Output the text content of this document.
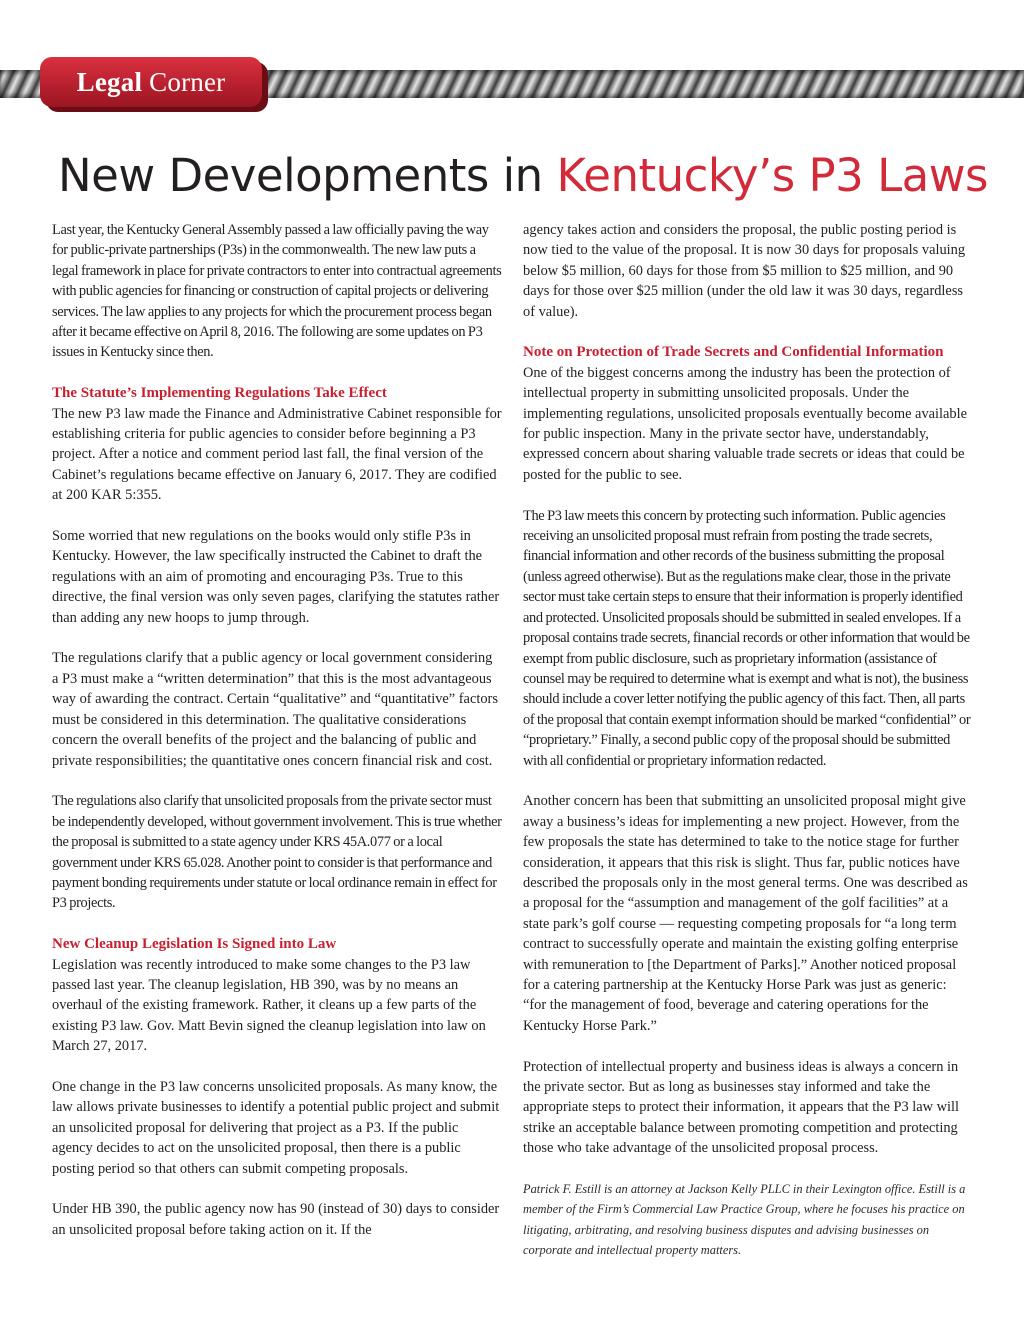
Legal Corner
New Developments in Kentucky’s P3 Laws

Last year, the Kentucky General Assembly passed a law officially paving the way for public-private partnerships (P3s) in the commonwealth. The new law puts a legal framework in place for private contractors to enter into contractual agreements with public agencies for financing or construction of capital projects or delivering services. The law applies to any projects for which the procurement process began after it became effective on April 8, 2016. The following are some updates on P3 issues in Kentucky since then.

The Statute’s Implementing Regulations Take Effect

The new P3 law made the Finance and Administrative Cabinet responsible for establishing criteria for public agencies to consider before beginning a P3 project. After a notice and comment period last fall, the final version of the Cabinet’s regulations became effective on January 6, 2017. They are codified at 200 KAR 5:355.

Some worried that new regulations on the books would only stifle P3s in Kentucky. However, the law specifically instructed the Cabinet to draft the regulations with an aim of promoting and encouraging P3s. True to this directive, the final version was only seven pages, clarifying the statutes rather than adding any new hoops to jump through.

The regulations clarify that a public agency or local government considering a P3 must make a “written determination” that this is the most advantageous way of awarding the contract. Certain “qualitative” and “quantitative” factors must be considered in this determination. The qualitative considerations concern the overall benefits of the project and the balancing of public and private responsibilities; the quantitative ones concern financial risk and cost.

The regulations also clarify that unsolicited proposals from the private sector must be independently developed, without government involvement. This is true whether the proposal is submitted to a state agency under KRS 45A.077 or a local government under KRS 65.028. Another point to consider is that performance and payment bonding requirements under statute or local ordinance remain in effect for P3 projects.

New Cleanup Legislation Is Signed into Law

Legislation was recently introduced to make some changes to the P3 law passed last year. The cleanup legislation, HB 390, was by no means an overhaul of the existing framework. Rather, it cleans up a few parts of the existing P3 law. Gov. Matt Bevin signed the cleanup legislation into law on March 27, 2017.

One change in the P3 law concerns unsolicited proposals. As many know, the law allows private businesses to identify a potential public project and submit an unsolicited proposal for delivering that project as a P3. If the public agency decides to act on the unsolicited proposal, then there is a public posting period so that others can submit competing proposals.

Under HB 390, the public agency now has 90 (instead of 30) days to consider an unsolicited proposal before taking action on it. If the

agency takes action and considers the proposal, the public posting period is now tied to the value of the proposal. It is now 30 days for proposals valuing below $5 million, 60 days for those from $5 million to $25 million, and 90 days for those over $25 million (under the old law it was 30 days, regardless of value).

Note on Protection of Trade Secrets and Confidential Information

One of the biggest concerns among the industry has been the protection of intellectual property in submitting unsolicited proposals. Under the implementing regulations, unsolicited proposals eventually become available for public inspection. Many in the private sector have, understandably, expressed concern about sharing valuable trade secrets or ideas that could be posted for the public to see.

The P3 law meets this concern by protecting such information. Public agencies receiving an unsolicited proposal must refrain from posting the trade secrets, financial information and other records of the business submitting the proposal (unless agreed otherwise). But as the regulations make clear, those in the private sector must take certain steps to ensure that their information is properly identified and protected. Unsolicited proposals should be submitted in sealed envelopes. If a proposal contains trade secrets, financial records or other information that would be exempt from public disclosure, such as proprietary information (assistance of counsel may be required to determine what is exempt and what is not), the business should include a cover letter notifying the public agency of this fact. Then, all parts of the proposal that contain exempt information should be marked “confidential” or “proprietary.” Finally, a second public copy of the proposal should be submitted with all confidential or proprietary information redacted.

Another concern has been that submitting an unsolicited proposal might give away a business’s ideas for implementing a new project. However, from the few proposals the state has determined to take to the notice stage for further consideration, it appears that this risk is slight. Thus far, public notices have described the proposals only in the most general terms. One was described as a proposal for the “assumption and management of the golf facilities” at a state park’s golf course — requesting competing proposals for “a long term contract to successfully operate and maintain the existing golfing enterprise with remuneration to [the Department of Parks].” Another noticed proposal for a catering partnership at the Kentucky Horse Park was just as generic: “for the management of food, beverage and catering operations for the Kentucky Horse Park.”

Protection of intellectual property and business ideas is always a concern in the private sector. But as long as businesses stay informed and take the appropriate steps to protect their information, it appears that the P3 law will strike an acceptable balance between promoting competition and protecting those who take advantage of the unsolicited proposal process.

Patrick F. Estill is an attorney at Jackson Kelly PLLC in their Lexington office. Estill is a member of the Firm’s Commercial Law Practice Group, where he focuses his practice on litigating, arbitrating, and resolving business disputes and advising businesses on corporate and intellectual property matters.
